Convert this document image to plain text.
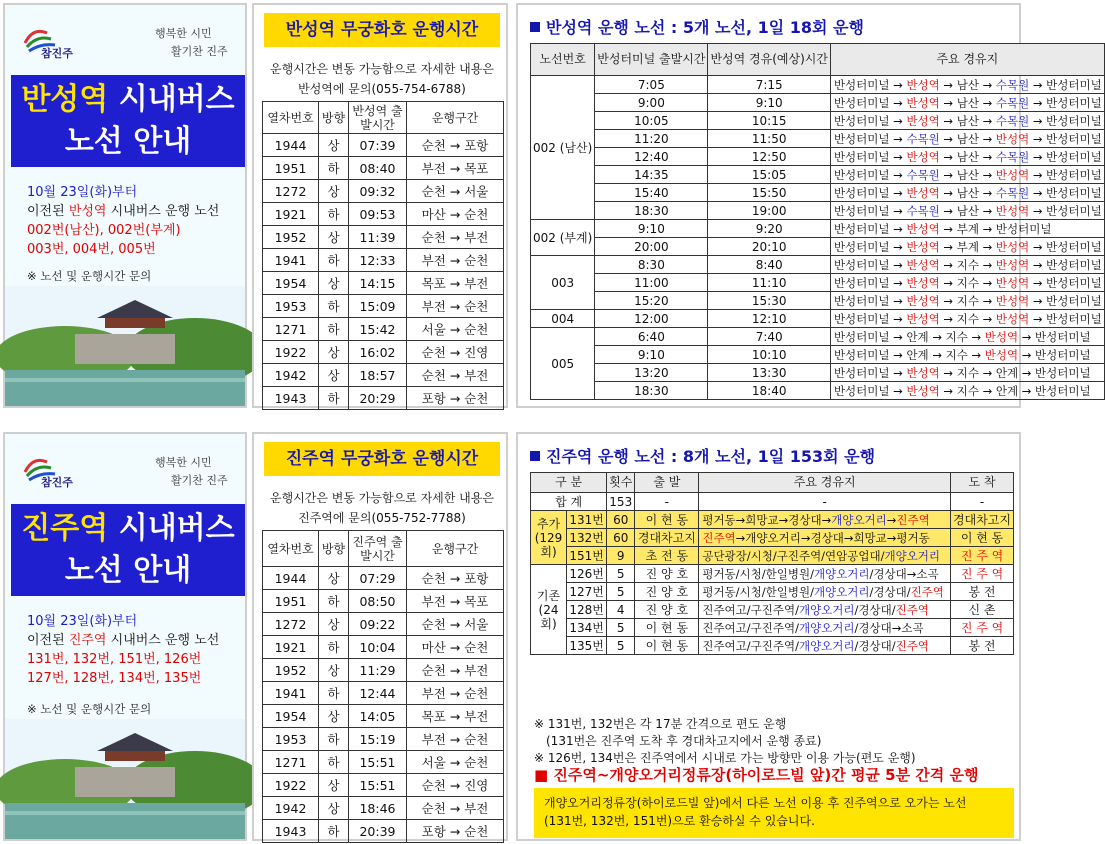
참진주
행복한 시민
활기찬 진주
반성역 시내버스
노선 안내
10월 23일(화)부터
이전된 반성역 시내버스 운행 노선
002번(남산), 002번(부계)
003번, 004번, 005번
※ 노선 및 운행시간 문의
반성역 무궁화호 운행시간
운행시간은 변동 가능함으로 자세한 내용은
반성역에 문의(055-754-6788)
열차번호	방향	반성역 출발시간	운행구간
1944	상	07:39	순천 → 포항
1951	하	08:40	부전 → 목포
1272	상	09:32	순천 → 서울
1921	하	09:53	마산 → 순천
1952	상	11:39	순천 → 부전
1941	하	12:33	부전 → 순천
1954	상	14:15	목포 → 부전
1953	하	15:09	부전 → 순천
1271	하	15:42	서울 → 순천
1922	상	16:02	순천 → 진영
1942	상	18:57	순천 → 부전
1943	하	20:29	포항 → 순천
반성역 운행 노선 : 5개 노선, 1일 18회 운행
노선번호	반성터미널 출발시간	반성역 경유(예상)시간	주요 경유지
002 (남산)	7:05	7:15	반성터미널 → 반성역 → 남산 → 수목원 → 반성터미널
	9:00	9:10	반성터미널 → 반성역 → 남산 → 수목원 → 반성터미널
	10:05	10:15	반성터미널 → 반성역 → 남산 → 수목원 → 반성터미널
	11:20	11:50	반성터미널 → 수목원 → 남산 → 반성역 → 반성터미널
	12:40	12:50	반성터미널 → 반성역 → 남산 → 수목원 → 반성터미널
	14:35	15:05	반성터미널 → 수목원 → 남산 → 반성역 → 반성터미널
	15:40	15:50	반성터미널 → 반성역 → 남산 → 수목원 → 반성터미널
	18:30	19:00	반성터미널 → 수목원 → 남산 → 반성역 → 반성터미널
002 (부계)	9:10	9:20	반성터미널 → 반성역 → 부계 → 반성터미널
	20:00	20:10	반성터미널 → 반성역 → 부계 → 반성역 → 반성터미널
003	8:30	8:40	반성터미널 → 반성역 → 지수 → 반성역 → 반성터미널
	11:00	11:10	반성터미널 → 반성역 → 지수 → 반성역 → 반성터미널
	15:20	15:30	반성터미널 → 반성역 → 지수 → 반성역 → 반성터미널
004	12:00	12:10	반성터미널 → 반성역 → 지수 → 반성역 → 반성터미널
005	6:40	7:40	반성터미널 → 안계 → 지수 → 반성역 → 반성터미널
	9:10	10:10	반성터미널 → 안계 → 지수 → 반성역 → 반성터미널
	13:20	13:30	반성터미널 → 반성역 → 지수 → 안계 → 반성터미널
	18:30	18:40	반성터미널 → 반성역 → 지수 → 안계 → 반성터미널
참진주
행복한 시민
활기찬 진주
진주역 시내버스
노선 안내
10월 23일(화)부터
이전된 진주역 시내버스 운행 노선
131번, 132번, 151번, 126번
127번, 128번, 134번, 135번
※ 노선 및 운행시간 문의
진주역 무궁화호 운행시간
운행시간은 변동 가능함으로 자세한 내용은
진주역에 문의(055-752-7788)
열차번호	방향	진주역 출발시간	운행구간
1944	상	07:29	순천 → 포항
1951	하	08:50	부전 → 목포
1272	상	09:22	순천 → 서울
1921	하	10:04	마산 → 순천
1952	상	11:29	순천 → 부전
1941	하	12:44	부전 → 순천
1954	상	14:05	목포 → 부전
1953	하	15:19	부전 → 순천
1271	하	15:51	서울 → 순천
1922	상	15:51	순천 → 진영
1942	상	18:46	순천 → 부전
1943	하	20:39	포항 → 순천
진주역 운행 노선 : 8개 노선, 1일 153회 운행
구 분		횟수	출 발	주요 경유지	도 착
합 계		153	-	-	-
추가 (129회)	131번	60	이 현 동	평거동→희망교→경상대→개양오거리→진주역	경대차고지
	132번	60	경대차고지	진주역→개양오거리→경상대→희망교→평거동	이 현 동
	151번	9	초 전 동	공단광장/시청/구진주역/연암공업대/개양오거리	진 주 역
기존 (24회)	126번	5	진 양 호	평거동/시청/한일병원/개양오거리/경상대→소곡	진 주 역
	127번	5	진 양 호	평거동/시청/한일병원/개양오거리/경상대/진주역	봉 전
	128번	4	진 양 호	진주여고/구진주역/개양오거리/경상대/진주역	신 촌
	134번	5	이 현 동	진주여고/구진주역/개양오거리/경상대→소곡	진 주 역
	135번	5	이 현 동	진주여고/구진주역/개양오거리/경상대/진주역	봉 전
※ 131번, 132번은 각 17분 간격으로 편도 운행
(131번은 진주역 도착 후 경대차고지에서 운행 종료)
※ 126번, 134번은 진주역에서 시내로 가는 방향만 이용 가능(편도 운행)
■ 진주역~개양오거리정류장(하이로드빌 앞)간 평균 5분 간격 운행
개양오거리정류장(하이로드빌 앞)에서 다른 노선 이용 후 진주역으로 오가는 노선
(131번, 132번, 151번)으로 환승하실 수 있습니다.
